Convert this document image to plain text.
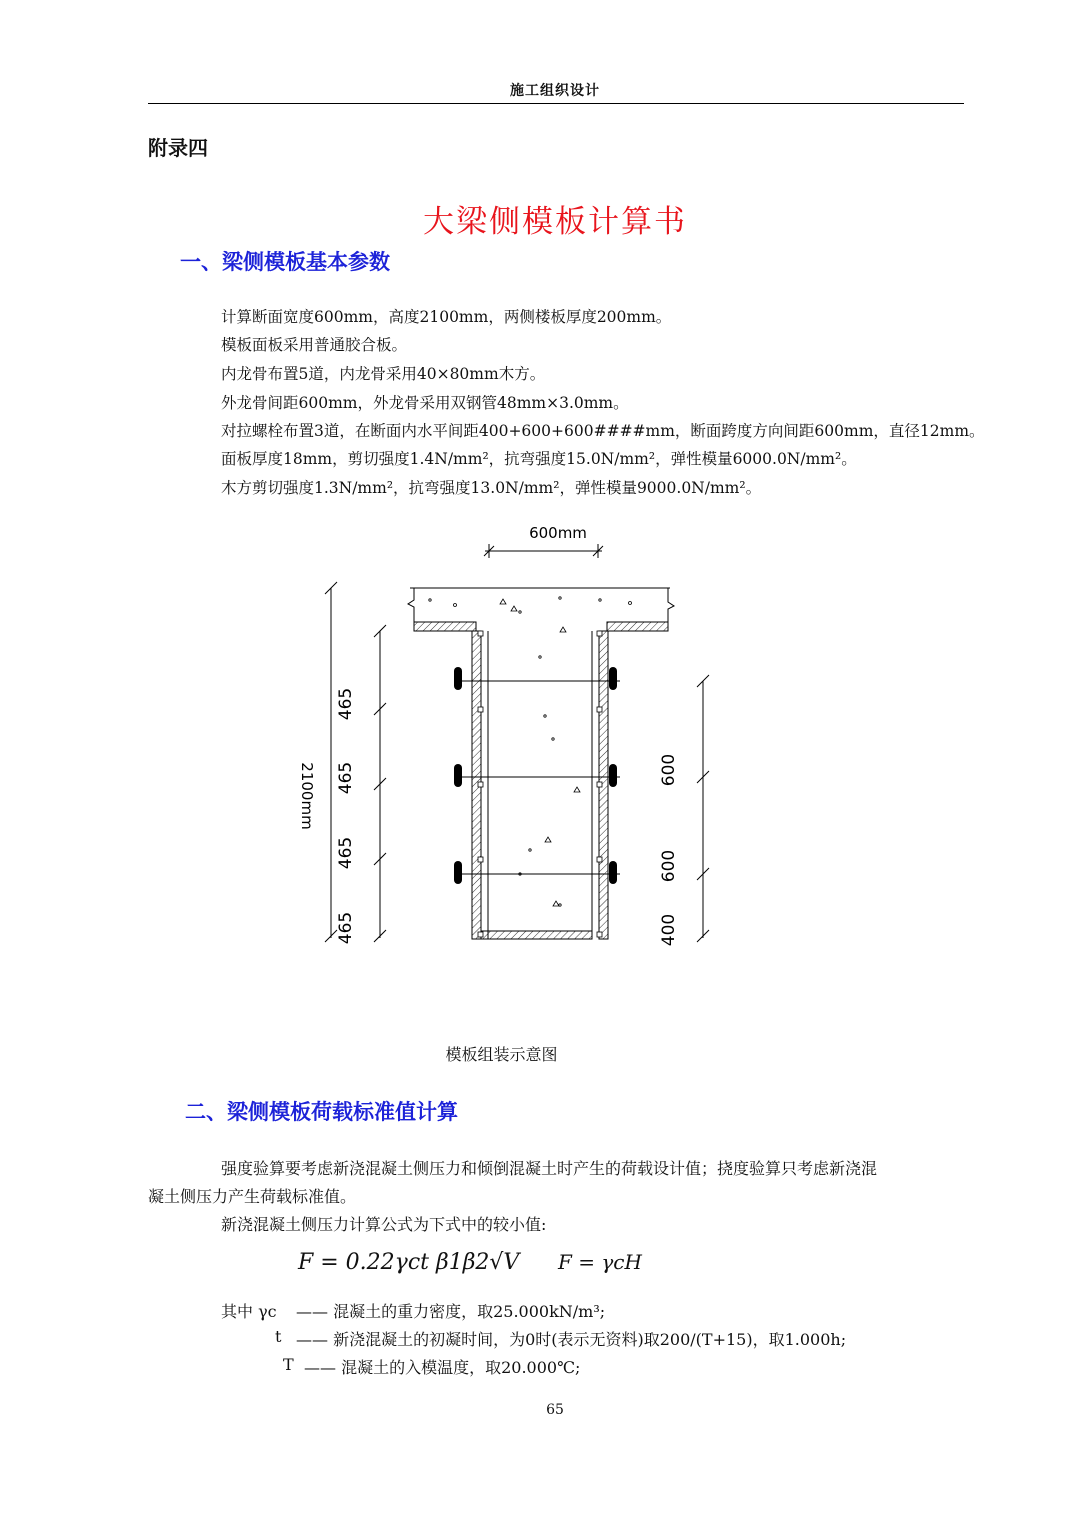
施工组织设计
附录四
大梁侧模板计算书
一、梁侧模板基本参数
计算断面宽度600mm，高度2100mm，两侧楼板厚度200mm。
模板面板采用普通胶合板。
内龙骨布置5道，内龙骨采用40×80mm木方。
外龙骨间距600mm，外龙骨采用双钢管48mm×3.0mm。
对拉螺栓布置3道，在断面内水平间距400+600+600####mm，断面跨度方向间距600mm，直径12mm。
面板厚度18mm，剪切强度1.4N/mm²，抗弯强度15.0N/mm²，弹性模量6000.0N/mm²。
木方剪切强度1.3N/mm²，抗弯强度13.0N/mm²，弹性模量9000.0N/mm²。
600mm
2100mm
465
465
465
465
600
600
400
模板组装示意图
二、梁侧模板荷载标准值计算
强度验算要考虑新浇混凝土侧压力和倾倒混凝土时产生的荷载设计值；挠度验算只考虑新浇混
凝土侧压力产生荷载标准值。
新浇混凝土侧压力计算公式为下式中的较小值:
F = 0.22γct β1β2√V F = γcH
其中 γc —— 混凝土的重力密度，取25.000kN/m³;
t —— 新浇混凝土的初凝时间，为0时(表示无资料)取200/(T+15)，取1.000h;
T —— 混凝土的入模温度，取20.000℃;
65
